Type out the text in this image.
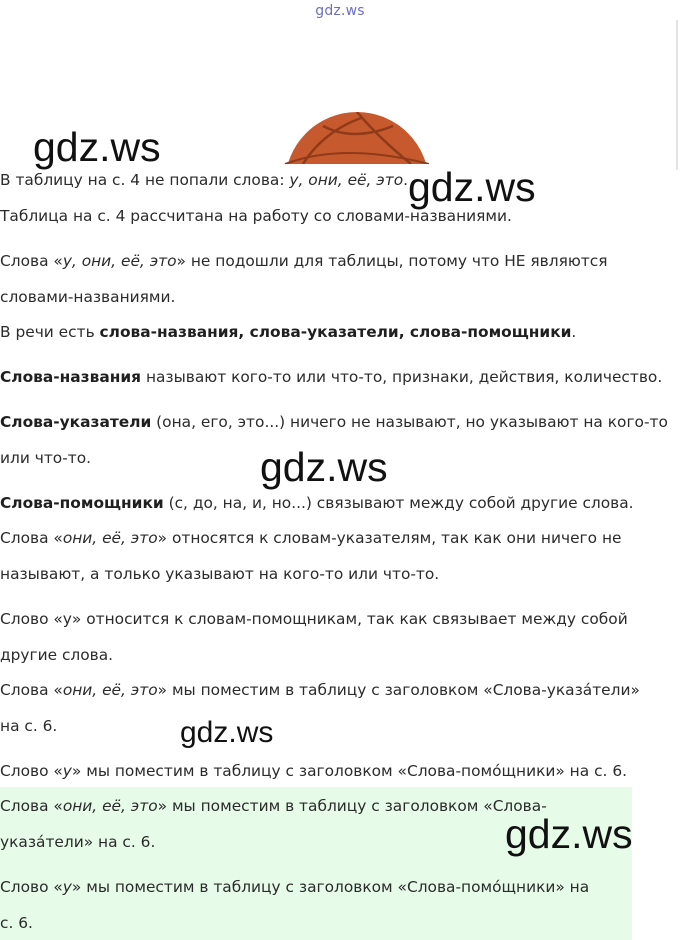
gdz.ws
В таблицу на с. 4 не попали слова: у, они, её, это.
Таблица на с. 4 рассчитана на работу со словами-названиями.
Слова «у, они, её, это» не подошли для таблицы, потому что НЕ являются
словами-названиями.
В речи есть слова-названия, слова-указатели, слова-помощники.
Слова-названия называют кого-то или что-то, признаки, действия, количество.
Слова-указатели (она, его, это...) ничего не называют, но указывают на кого-то
или что-то.
Слова-помощники (с, до, на, и, но...) связывают между собой другие слова.
Слова «они, её, это» относятся к словам-указателям, так как они ничего не
называют, а только указывают на кого-то или что-то.
Слово «у» относится к словам-помощникам, так как связывает между собой
другие слова.
Слова «они, её, это» мы поместим в таблицу с заголовком «Слова-указа́тели»
на с. 6.
Слово «у» мы поместим в таблицу с заголовком «Слова-помо́щники» на с. 6.
Слова «они, её, это» мы поместим в таблицу с заголовком «Слова-
указа́тели» на с. 6.
Слово «у» мы поместим в таблицу с заголовком «Слова-помо́щники» на
с. 6.
gdz.ws
gdz.ws
gdz.ws
gdz.ws
gdz.ws
